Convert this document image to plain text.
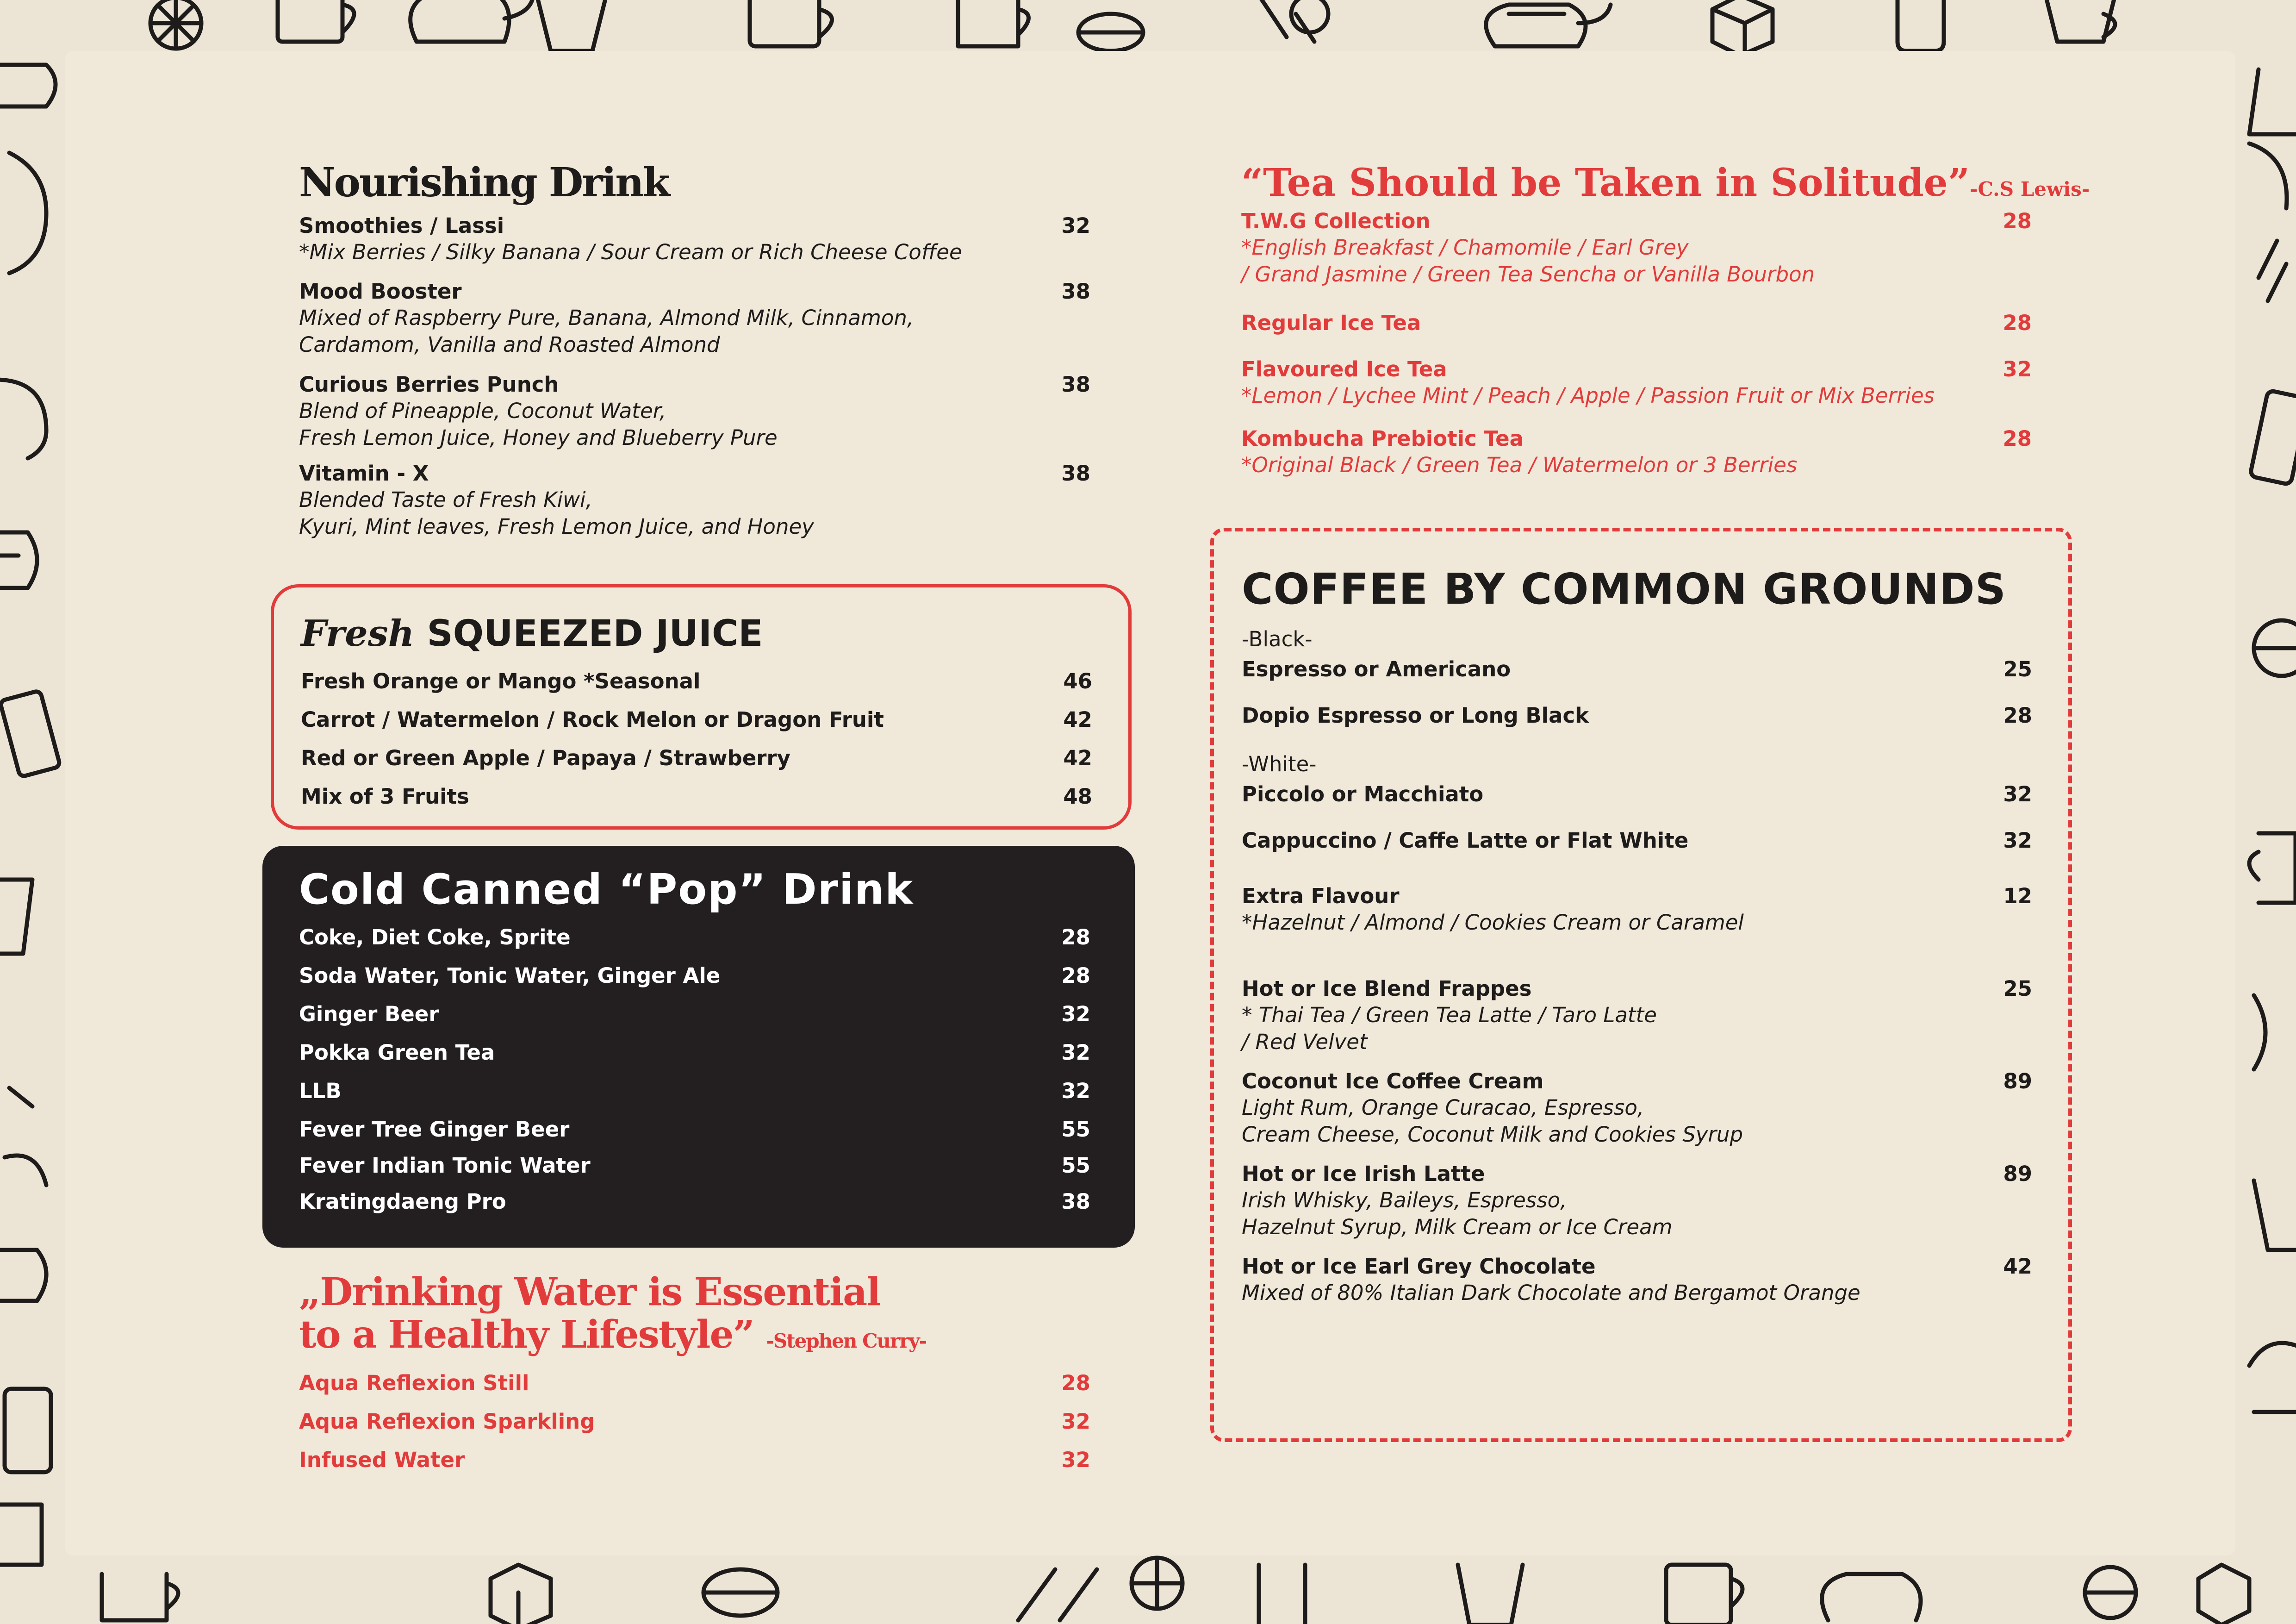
Nourishing Drink
Smoothies / Lassi	32
*Mix Berries / Silky Banana / Sour Cream or Rich Cheese Coffee
Mood Booster	38
Mixed of Raspberry Pure, Banana, Almond Milk, Cinnamon,
Cardamom, Vanilla and Roasted Almond
Curious Berries Punch	38
Blend of Pineapple, Coconut Water,
Fresh Lemon Juice, Honey and Blueberry Pure
Vitamin - X	38
Blended Taste of Fresh Kiwi,
Kyuri, Mint leaves, Fresh Lemon Juice, and Honey
Fresh SQUEEZED JUICE
Fresh Orange or Mango *Seasonal	46
Carrot / Watermelon / Rock Melon or Dragon Fruit	42
Red or Green Apple / Papaya / Strawberry	42
Mix of 3 Fruits	48
Cold Canned “Pop” Drink
Coke, Diet Coke, Sprite	28
Soda Water, Tonic Water, Ginger Ale	28
Ginger Beer	32
Pokka Green Tea	32
LLB	32
Fever Tree Ginger Beer	55
Fever Indian Tonic Water	55
Kratingdaeng Pro	38
„Drinking Water is Essential
to a Healthy Lifestyle” -Stephen Curry-
Aqua Reflexion Still	28
Aqua Reflexion Sparkling	32
Infused Water	32
“Tea Should be Taken in Solitude”-C.S Lewis-
T.W.G Collection	28
*English Breakfast / Chamomile / Earl Grey
/ Grand Jasmine / Green Tea Sencha or Vanilla Bourbon
Regular Ice Tea	28
Flavoured Ice Tea	32
*Lemon / Lychee Mint / Peach / Apple / Passion Fruit or Mix Berries
Kombucha Prebiotic Tea	28
*Original Black / Green Tea / Watermelon or 3 Berries
COFFEE BY COMMON GROUNDS
-Black-
Espresso or Americano	25
Dopio Espresso or Long Black	28
-White-
Piccolo or Macchiato	32
Cappuccino / Caffe Latte or Flat White	32
Extra Flavour	12
*Hazelnut / Almond / Cookies Cream or Caramel
Hot or Ice Blend Frappes	25
* Thai Tea / Green Tea Latte / Taro Latte
/ Red Velvet
Coconut Ice Coffee Cream	89
Light Rum, Orange Curacao, Espresso,
Cream Cheese, Coconut Milk and Cookies Syrup
Hot or Ice Irish Latte	89
Irish Whisky, Baileys, Espresso,
Hazelnut Syrup, Milk Cream or Ice Cream
Hot or Ice Earl Grey Chocolate	42
Mixed of 80% Italian Dark Chocolate and Bergamot Orange
